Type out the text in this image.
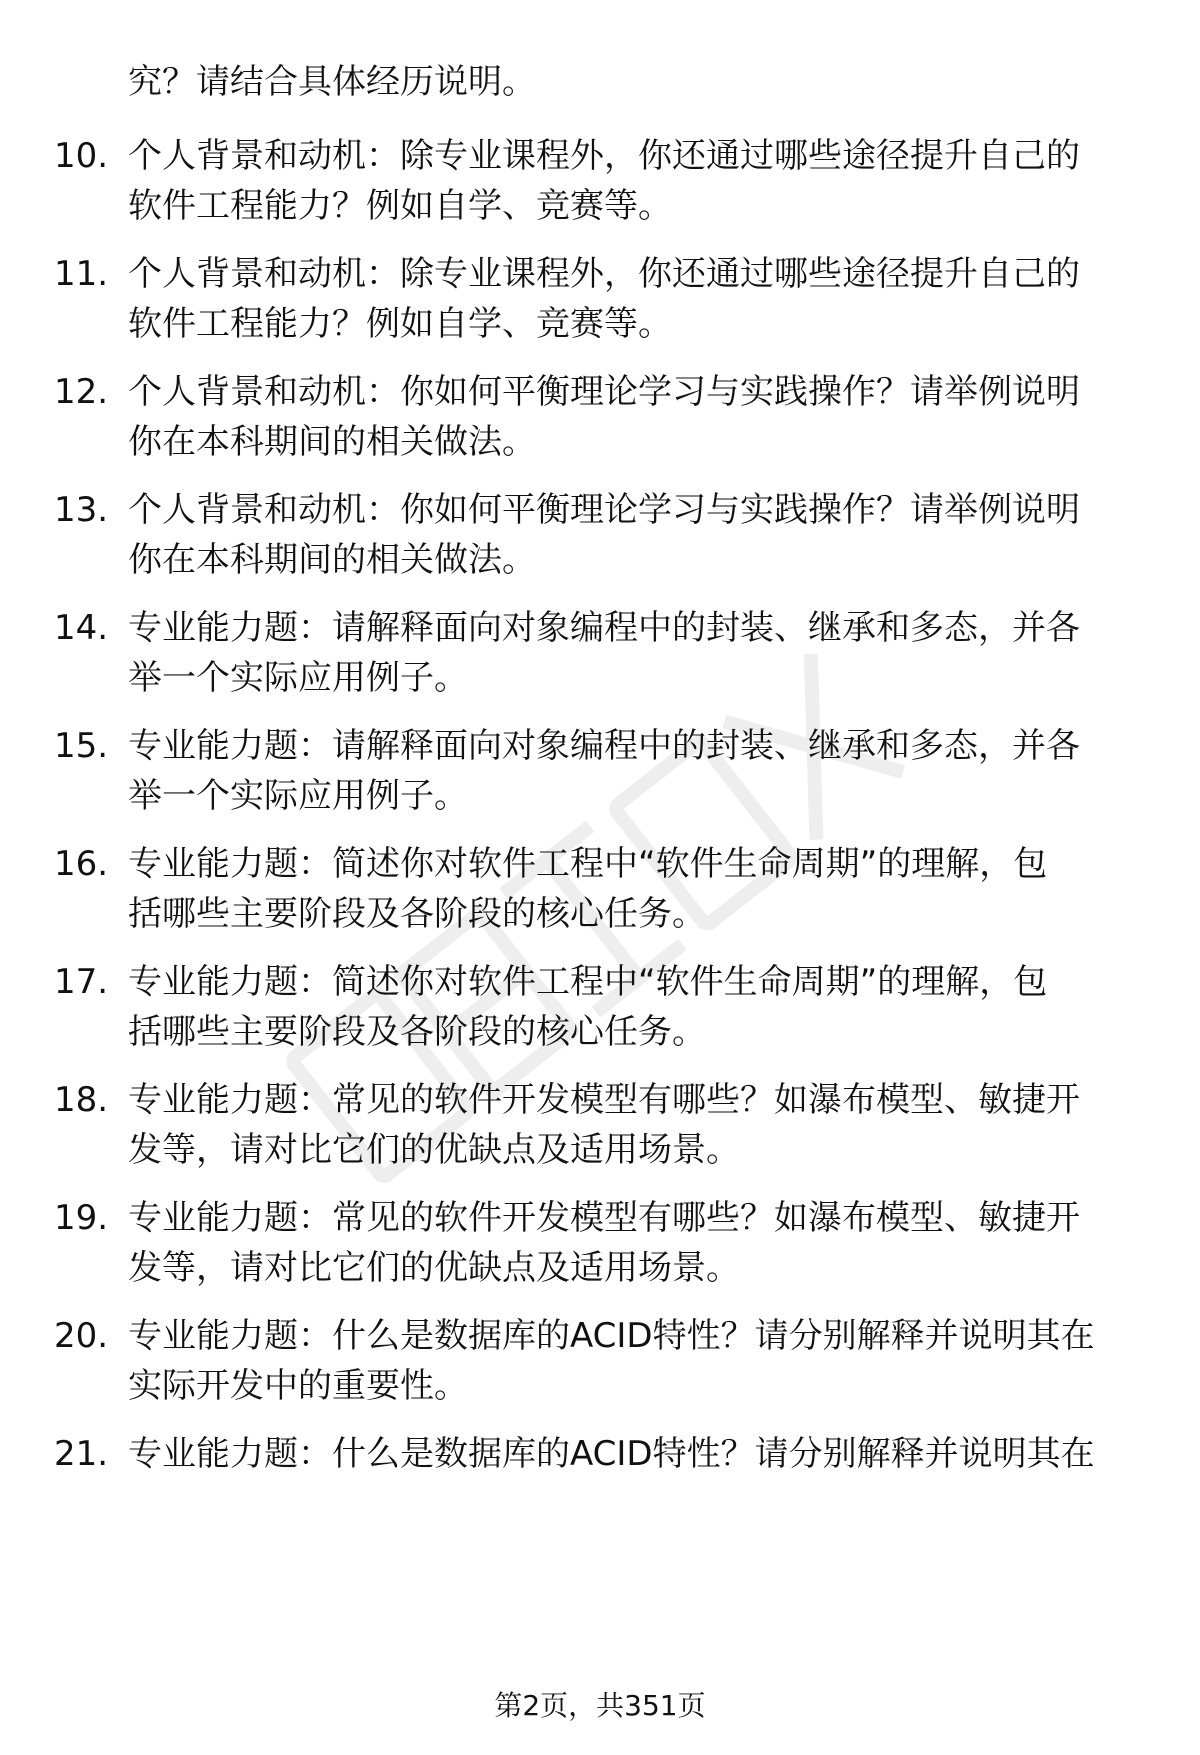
究？请结合具体经历说明。
10. 个人背景和动机：除专业课程外，你还通过哪些途径提升自己的
软件工程能力？例如自学、竞赛等。
11. 个人背景和动机：除专业课程外，你还通过哪些途径提升自己的
软件工程能力？例如自学、竞赛等。
12. 个人背景和动机：你如何平衡理论学习与实践操作？请举例说明
你在本科期间的相关做法。
13. 个人背景和动机：你如何平衡理论学习与实践操作？请举例说明
你在本科期间的相关做法。
14. 专业能力题：请解释面向对象编程中的封装、继承和多态，并各
举一个实际应用例子。
15. 专业能力题：请解释面向对象编程中的封装、继承和多态，并各
举一个实际应用例子。
16. 专业能力题：简述你对软件工程中“软件生命周期”的理解，包
括哪些主要阶段及各阶段的核心任务。
17. 专业能力题：简述你对软件工程中“软件生命周期”的理解，包
括哪些主要阶段及各阶段的核心任务。
18. 专业能力题：常见的软件开发模型有哪些？如瀑布模型、敏捷开
发等，请对比它们的优缺点及适用场景。
19. 专业能力题：常见的软件开发模型有哪些？如瀑布模型、敏捷开
发等，请对比它们的优缺点及适用场景。
20. 专业能力题：什么是数据库的ACID特性？请分别解释并说明其在
实际开发中的重要性。
21. 专业能力题：什么是数据库的ACID特性？请分别解释并说明其在
第2页，共351页
